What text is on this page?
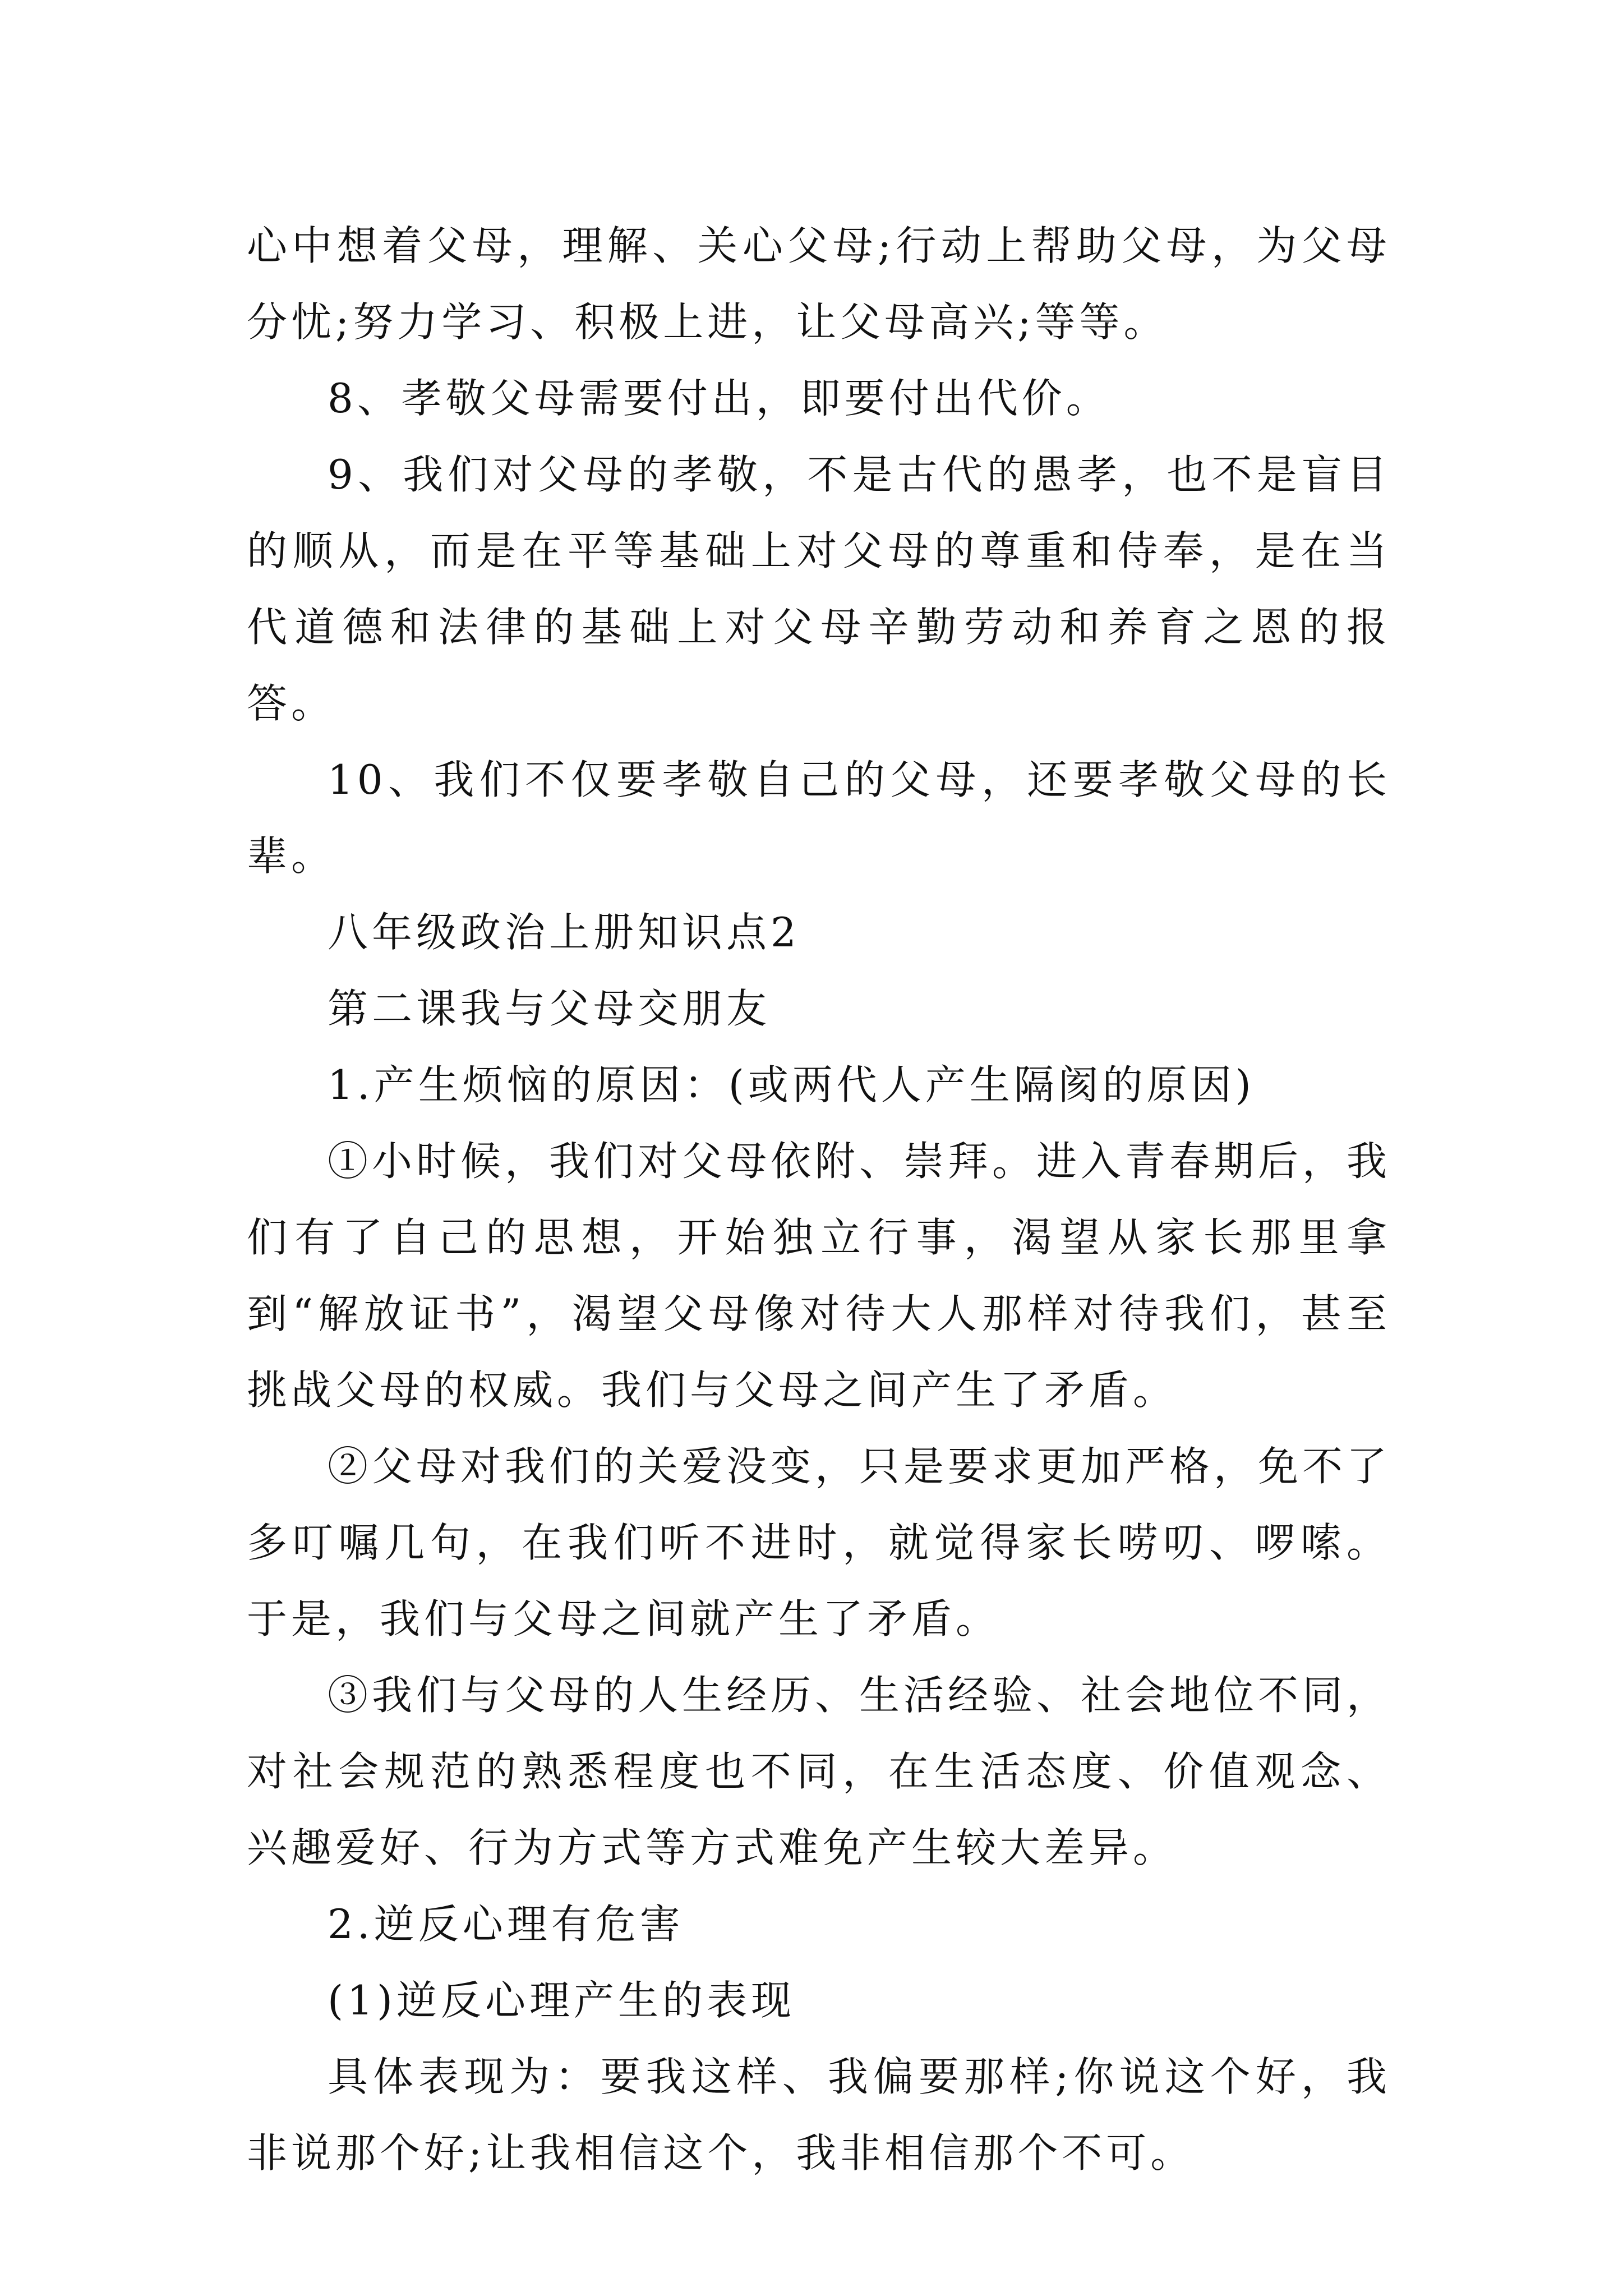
心中想着父母，理解、关心父母;行动上帮助父母，为父母分忧;努力学习、积极上进，让父母高兴;等等。

8、孝敬父母需要付出，即要付出代价。

9、我们对父母的孝敬，不是古代的愚孝，也不是盲目的顺从，而是在平等基础上对父母的尊重和侍奉，是在当代道德和法律的基础上对父母辛勤劳动和养育之恩的报答。

10、我们不仅要孝敬自己的父母，还要孝敬父母的长辈。

八年级政治上册知识点2

第二课我与父母交朋友

1.产生烦恼的原因：(或两代人产生隔阂的原因)

①小时候，我们对父母依附、崇拜。进入青春期后，我们有了自己的思想，开始独立行事，渴望从家长那里拿到“解放证书”，渴望父母像对待大人那样对待我们，甚至挑战父母的权威。我们与父母之间产生了矛盾。

②父母对我们的关爱没变，只是要求更加严格，免不了多叮嘱几句，在我们听不进时，就觉得家长唠叨、啰嗦。于是，我们与父母之间就产生了矛盾。

③我们与父母的人生经历、生活经验、社会地位不同，对社会规范的熟悉程度也不同，在生活态度、价值观念、兴趣爱好、行为方式等方式难免产生较大差异。

2.逆反心理有危害

(1)逆反心理产生的表现

具体表现为：要我这样、我偏要那样;你说这个好，我非说那个好;让我相信这个，我非相信那个不可。
